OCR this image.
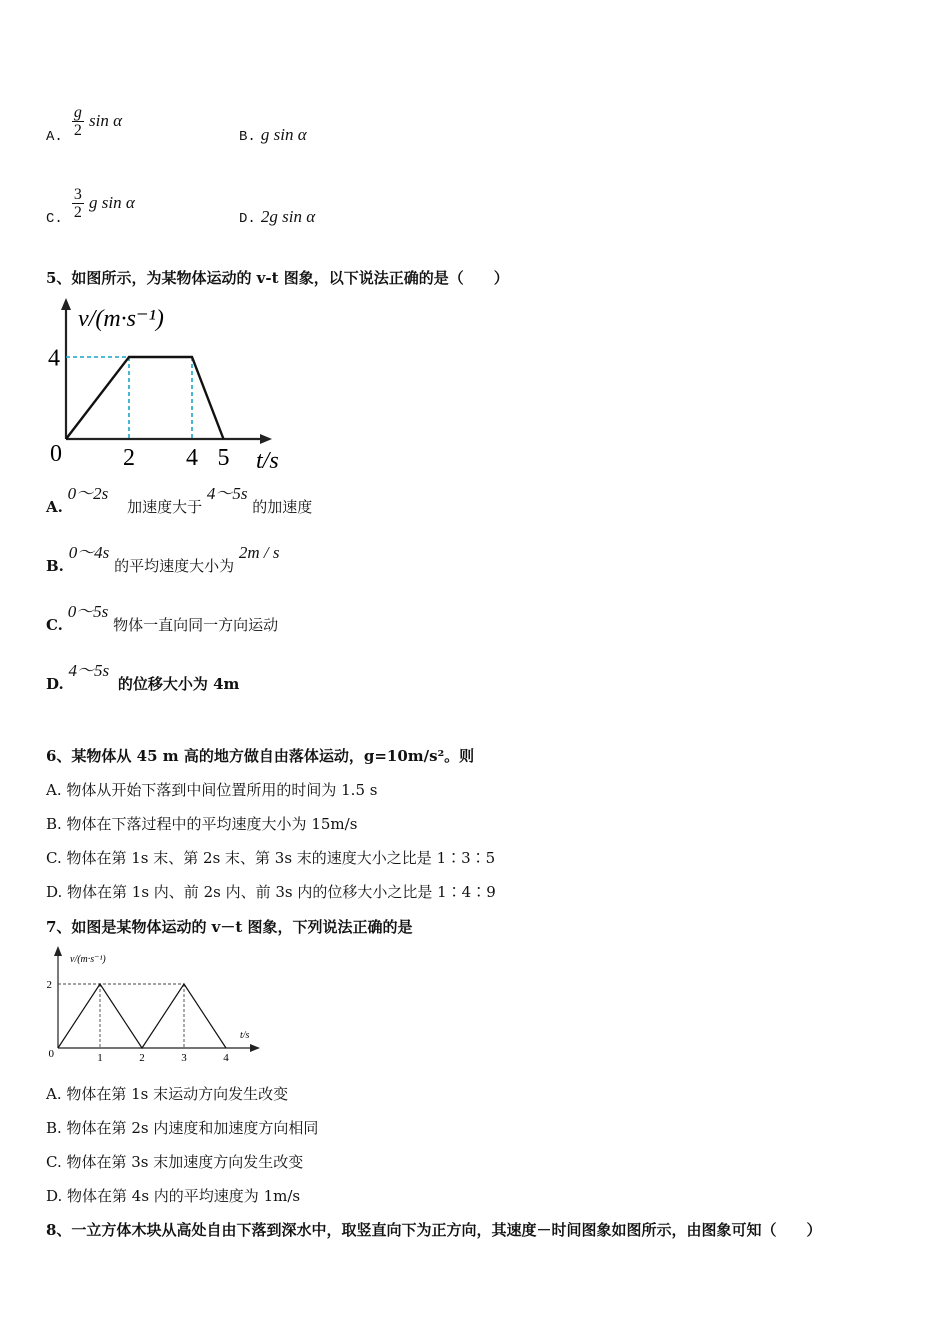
A. $\frac{g}{2}$ sin α
B. g sin α
C. $\frac{3}{2}$ g sin α
D. 2g sin α
5、如图所示，为某物体运动的 v-t 图象，以下说法正确的是（　　）
2 4 5
4
0
v/(m·s⁻¹)
t/s
A. 0～2s 加速度大于 4～5s 的加速度
B. 0～4s 的平均速度大小为 2m / s
C. 0～5s 物体一直向同一方向运动
D. 4～5s 的位移大小为 4m
6、某物体从 45 m 高的地方做自由落体运动，g=10m/s²。则
A. 物体从开始下落到中间位置所用的时间为 1.5 s
B. 物体在下落过程中的平均速度大小为 15m/s
C. 物体在第 1s 末、第 2s 末、第 3s 末的速度大小之比是 1∶3∶5
D. 物体在第 1s 内、前 2s 内、前 3s 内的位移大小之比是 1∶4∶9
7、如图是某物体运动的 v－t 图象，下列说法正确的是
1	2	3	4
2
0
v/(m·s⁻¹)
t/s
A. 物体在第 1s 末运动方向发生改变
B. 物体在第 2s 内速度和加速度方向相同
C. 物体在第 3s 末加速度方向发生改变
D. 物体在第 4s 内的平均速度为 1m/s
8、一立方体木块从高处自由下落到深水中，取竖直向下为正方向，其速度－时间图象如图所示，由图象可知（　　）
